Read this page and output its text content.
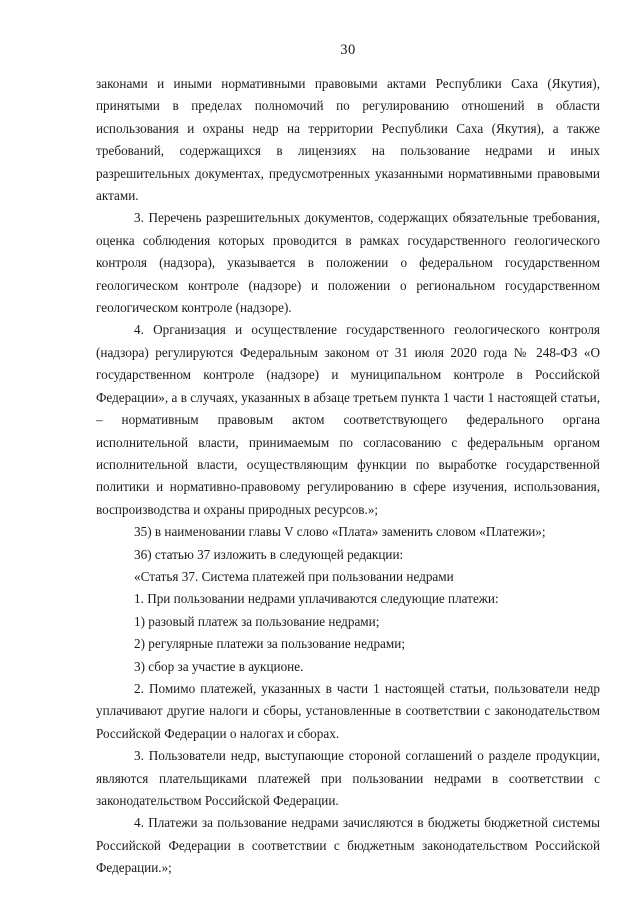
30

законами и иными нормативными правовыми актами Республики Саха (Якутия), принятыми в пределах полномочий по регулированию отношений в области использования и охраны недр на территории Республики Саха (Якутия), а также требований, содержащихся в лицензиях на пользование недрами и иных разрешительных документах, предусмотренных указанными нормативными правовыми актами.

3. Перечень разрешительных документов, содержащих обязательные требования, оценка соблюдения которых проводится в рамках государственного геологического контроля (надзора), указывается в положении о федеральном государственном геологическом контроле (надзоре) и положении о региональном государственном геологическом контроле (надзоре).

4. Организация и осуществление государственного геологического контроля (надзора) регулируются Федеральным законом от 31 июля 2020 года № 248-ФЗ «О государственном контроле (надзоре) и муниципальном контроле в Российской Федерации», а в случаях, указанных в абзаце третьем пункта 1 части 1 настоящей статьи, – нормативным правовым актом соответствующего федерального органа исполнительной власти, принимаемым по согласованию с федеральным органом исполнительной власти, осуществляющим функции по выработке государственной политики и нормативно-правовому регулированию в сфере изучения, использования, воспроизводства и охраны природных ресурсов.»;

35) в наименовании главы V слово «Плата» заменить словом «Платежи»;

36) статью 37 изложить в следующей редакции:

«Статья 37. Система платежей при пользовании недрами

1. При пользовании недрами уплачиваются следующие платежи:

1) разовый платеж за пользование недрами;

2) регулярные платежи за пользование недрами;

3) сбор за участие в аукционе.

2. Помимо платежей, указанных в части 1 настоящей статьи, пользователи недр уплачивают другие налоги и сборы, установленные в соответствии с законодательством Российской Федерации о налогах и сборах.

3. Пользователи недр, выступающие стороной соглашений о разделе продукции, являются плательщиками платежей при пользовании недрами в соответствии с законодательством Российской Федерации.

4. Платежи за пользование недрами зачисляются в бюджеты бюджетной системы Российской Федерации в соответствии с бюджетным законодательством Российской Федерации.»;
